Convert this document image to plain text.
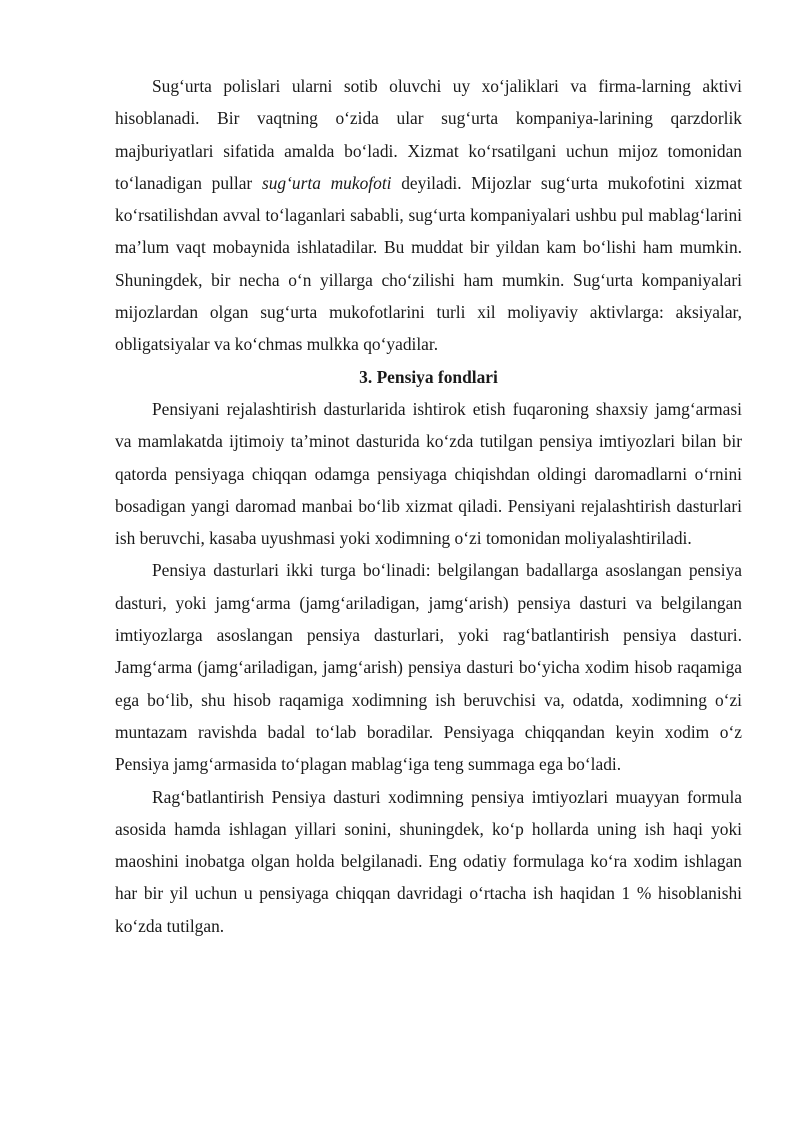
Sug‘urta polislari ularni sotib oluvchi uy xo‘jaliklari va firma-larning aktivi hisoblanadi. Bir vaqtning o‘zida ular sug‘urta kompaniya-larining qarzdorlik majburiyatlari sifatida amalda bo‘ladi. Xizmat ko‘rsatilgani uchun mijoz tomonidan to‘lanadigan pullar sug‘urta mukofoti deyiladi. Mijozlar sug‘urta mukofotini xizmat ko‘rsatilishdan avval to‘laganlari sababli, sug‘urta kompaniyalari ushbu pul mablag‘larini ma’lum vaqt mobaynida ishlatadilar. Bu muddat bir yildan kam bo‘lishi ham mumkin. Shuningdek, bir necha o‘n yillarga cho‘zilishi ham mumkin. Sug‘urta kompaniyalari mijozlardan olgan sug‘urta mukofotlarini turli xil moliyaviy aktivlarga: aksiyalar, obligatsiyalar va ko‘chmas mulkka qo‘yadilar.

3. Pensiya fondlari

Pensiyani rejalashtirish dasturlarida ishtirok etish fuqaroning shaxsiy jamg‘armasi va mamlakatda ijtimoiy ta’minot dasturida ko‘zda tutilgan pensiya imtiyozlari bilan bir qatorda pensiyaga chiqqan odamga pensiyaga chiqishdan oldingi daromadlarni o‘rnini bosadigan yangi daromad manbai bo‘lib xizmat qiladi. Pensiyani rejalashtirish dasturlari ish beruvchi, kasaba uyushmasi yoki xodimning o‘zi tomonidan moliyalashtiriladi.

Pensiya dasturlari ikki turga bo‘linadi: belgilangan badallarga asoslangan pensiya dasturi, yoki jamg‘arma (jamg‘ariladigan, jamg‘arish) pensiya dasturi va belgilangan imtiyozlarga asoslangan pensiya dasturlari, yoki rag‘batlantirish pensiya dasturi. Jamg‘arma (jamg‘ariladigan, jamg‘arish) pensiya dasturi bo‘yicha xodim hisob raqamiga ega bo‘lib, shu hisob raqamiga xodimning ish beruvchisi va, odatda, xodimning o‘zi muntazam ravishda badal to‘lab boradilar. Pensiyaga chiqqandan keyin xodim o‘z Pensiya jamg‘armasida to‘plagan mablag‘iga teng summaga ega bo‘ladi.

Rag‘batlantirish Pensiya dasturi xodimning pensiya imtiyozlari muayyan formula asosida hamda ishlagan yillari sonini, shuningdek, ko‘p hollarda uning ish haqi yoki maoshini inobatga olgan holda belgilanadi. Eng odatiy formulaga ko‘ra xodim ishlagan har bir yil uchun u pensiyaga chiqqan davridagi o‘rtacha ish haqidan 1 % hisoblanishi ko‘zda tutilgan.
